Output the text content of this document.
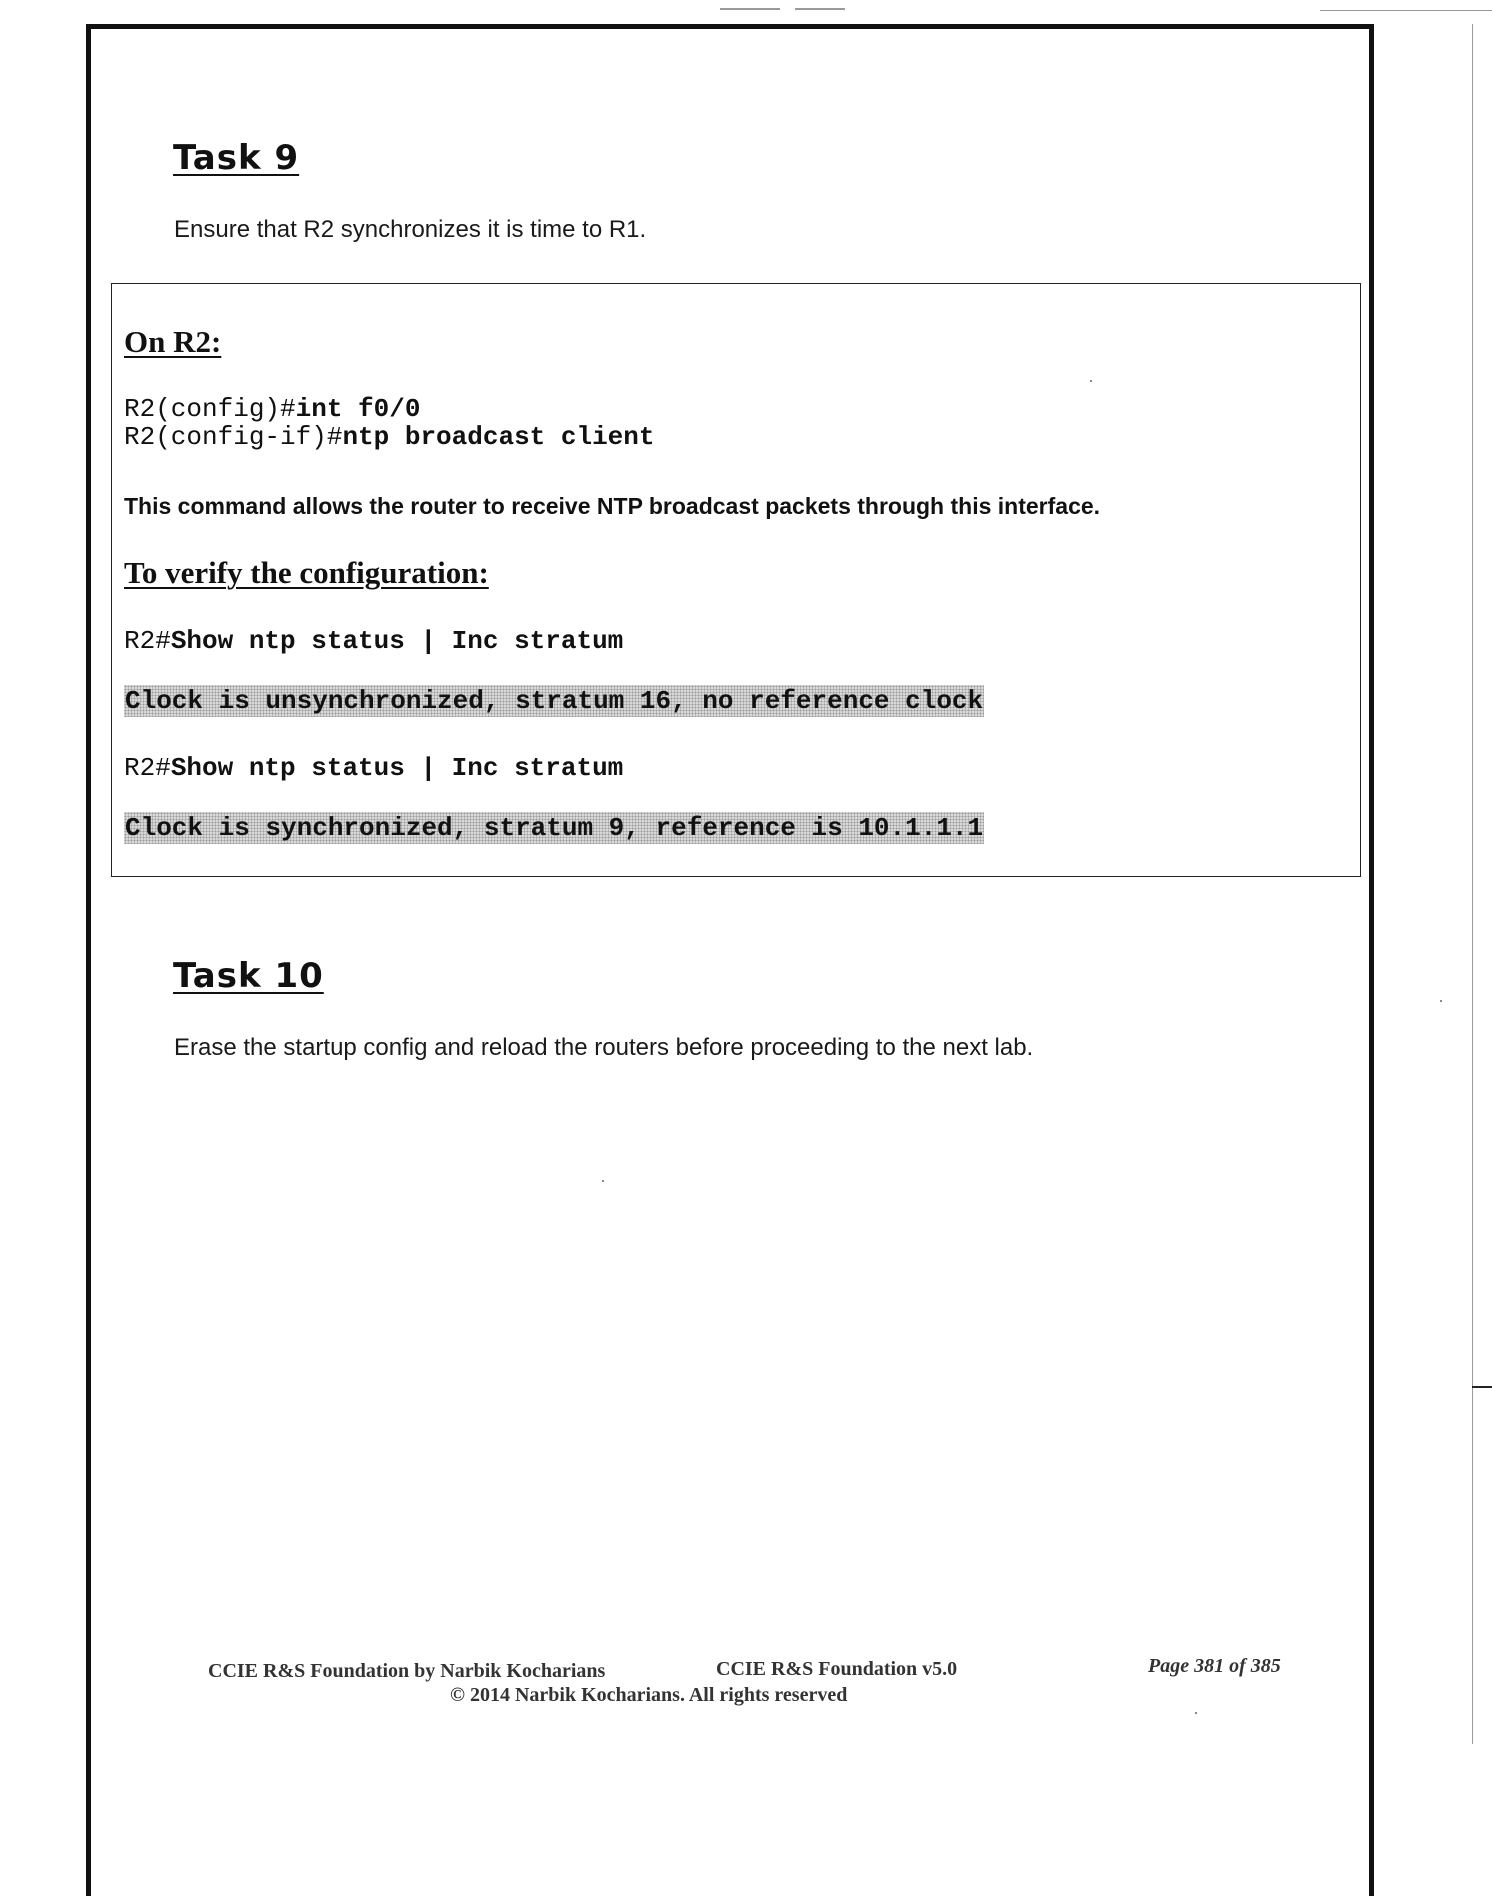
Task 9

Ensure that R2 synchronizes it is time to R1.

On R2:

R2(config)#int f0/0

R2(config-if)#ntp broadcast client

This command allows the router to receive NTP broadcast packets through this interface.

To verify the configuration:

R2#Show ntp status | Inc stratum

Clock is unsynchronized, stratum 16, no reference clock

R2#Show ntp status | Inc stratum

Clock is synchronized, stratum 9, reference is 10.1.1.1

Task 10

Erase the startup config and reload the routers before proceeding to the next lab.

CCIE R&S Foundation by Narbik Kocharians	CCIE R&S Foundation v5.0	Page 381 of 385

© 2014 Narbik Kocharians. All rights reserved
